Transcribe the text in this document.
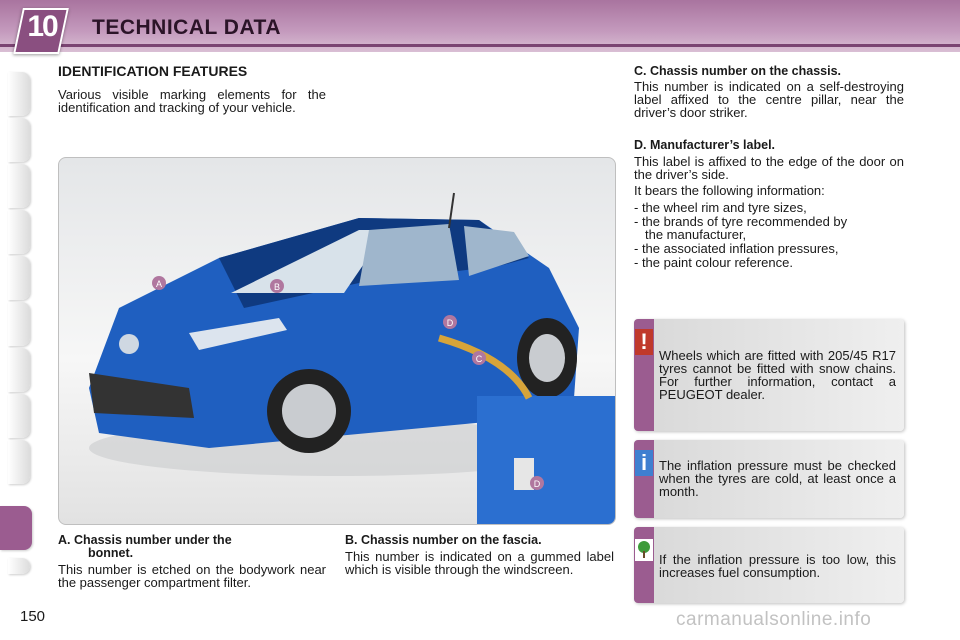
10 TECHNICAL DATA
IDENTIFICATION FEATURES

Various visible marking elements for the identification and tracking of your vehicle.

A	B
D
C
D

A. Chassis number under the

bonnet.

This number is etched on the bodywork near the passenger compartment filter.

B. Chassis number on the fascia.

This number is indicated on a gummed label which is visible through the windscreen.

C. Chassis number on the chassis.

This number is indicated on a self-destroying label affixed to the centre pillar, near the driver’s door striker.

D. Manufacturer’s label.

This label is affixed to the edge of the door on the driver’s side.

It bears the following information:

- the wheel rim and tyre sizes,

- the brands of tyre recommended by

the manufacturer,

- the associated inflation pressures,

- the paint colour reference.

!

Wheels which are fitted with 205/45 R17 tyres cannot be fitted with snow chains. For further information, contact a PEUGEOT dealer.

i The inflation pressure must be checked when the tyres are cold, at least once a month.

If the inflation pressure is too low, this increases fuel consumption.

150	carmanualsonline.info
